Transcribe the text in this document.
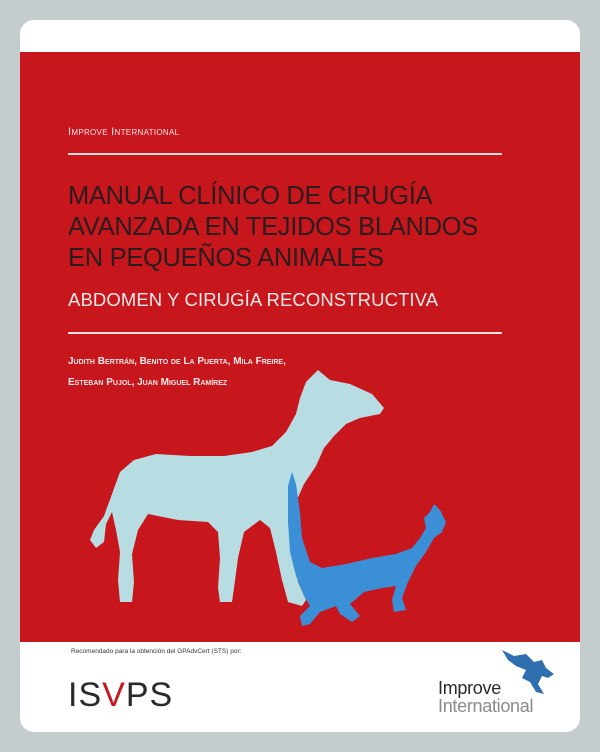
Improve International
MANUAL CLÍNICO DE CIRUGÍA
AVANZADA EN TEJIDOS BLANDOS
EN PEQUEÑOS ANIMALES
ABDOMEN Y CIRUGÍA RECONSTRUCTIVA
Judith Bertrán, Benito de La Puerta, Mila Freire,
Esteban Pujol, Juan Miguel Ramírez
Recomendado para la obtención del GPAdvCert (STS) por:
ISVPS	Improve
International
